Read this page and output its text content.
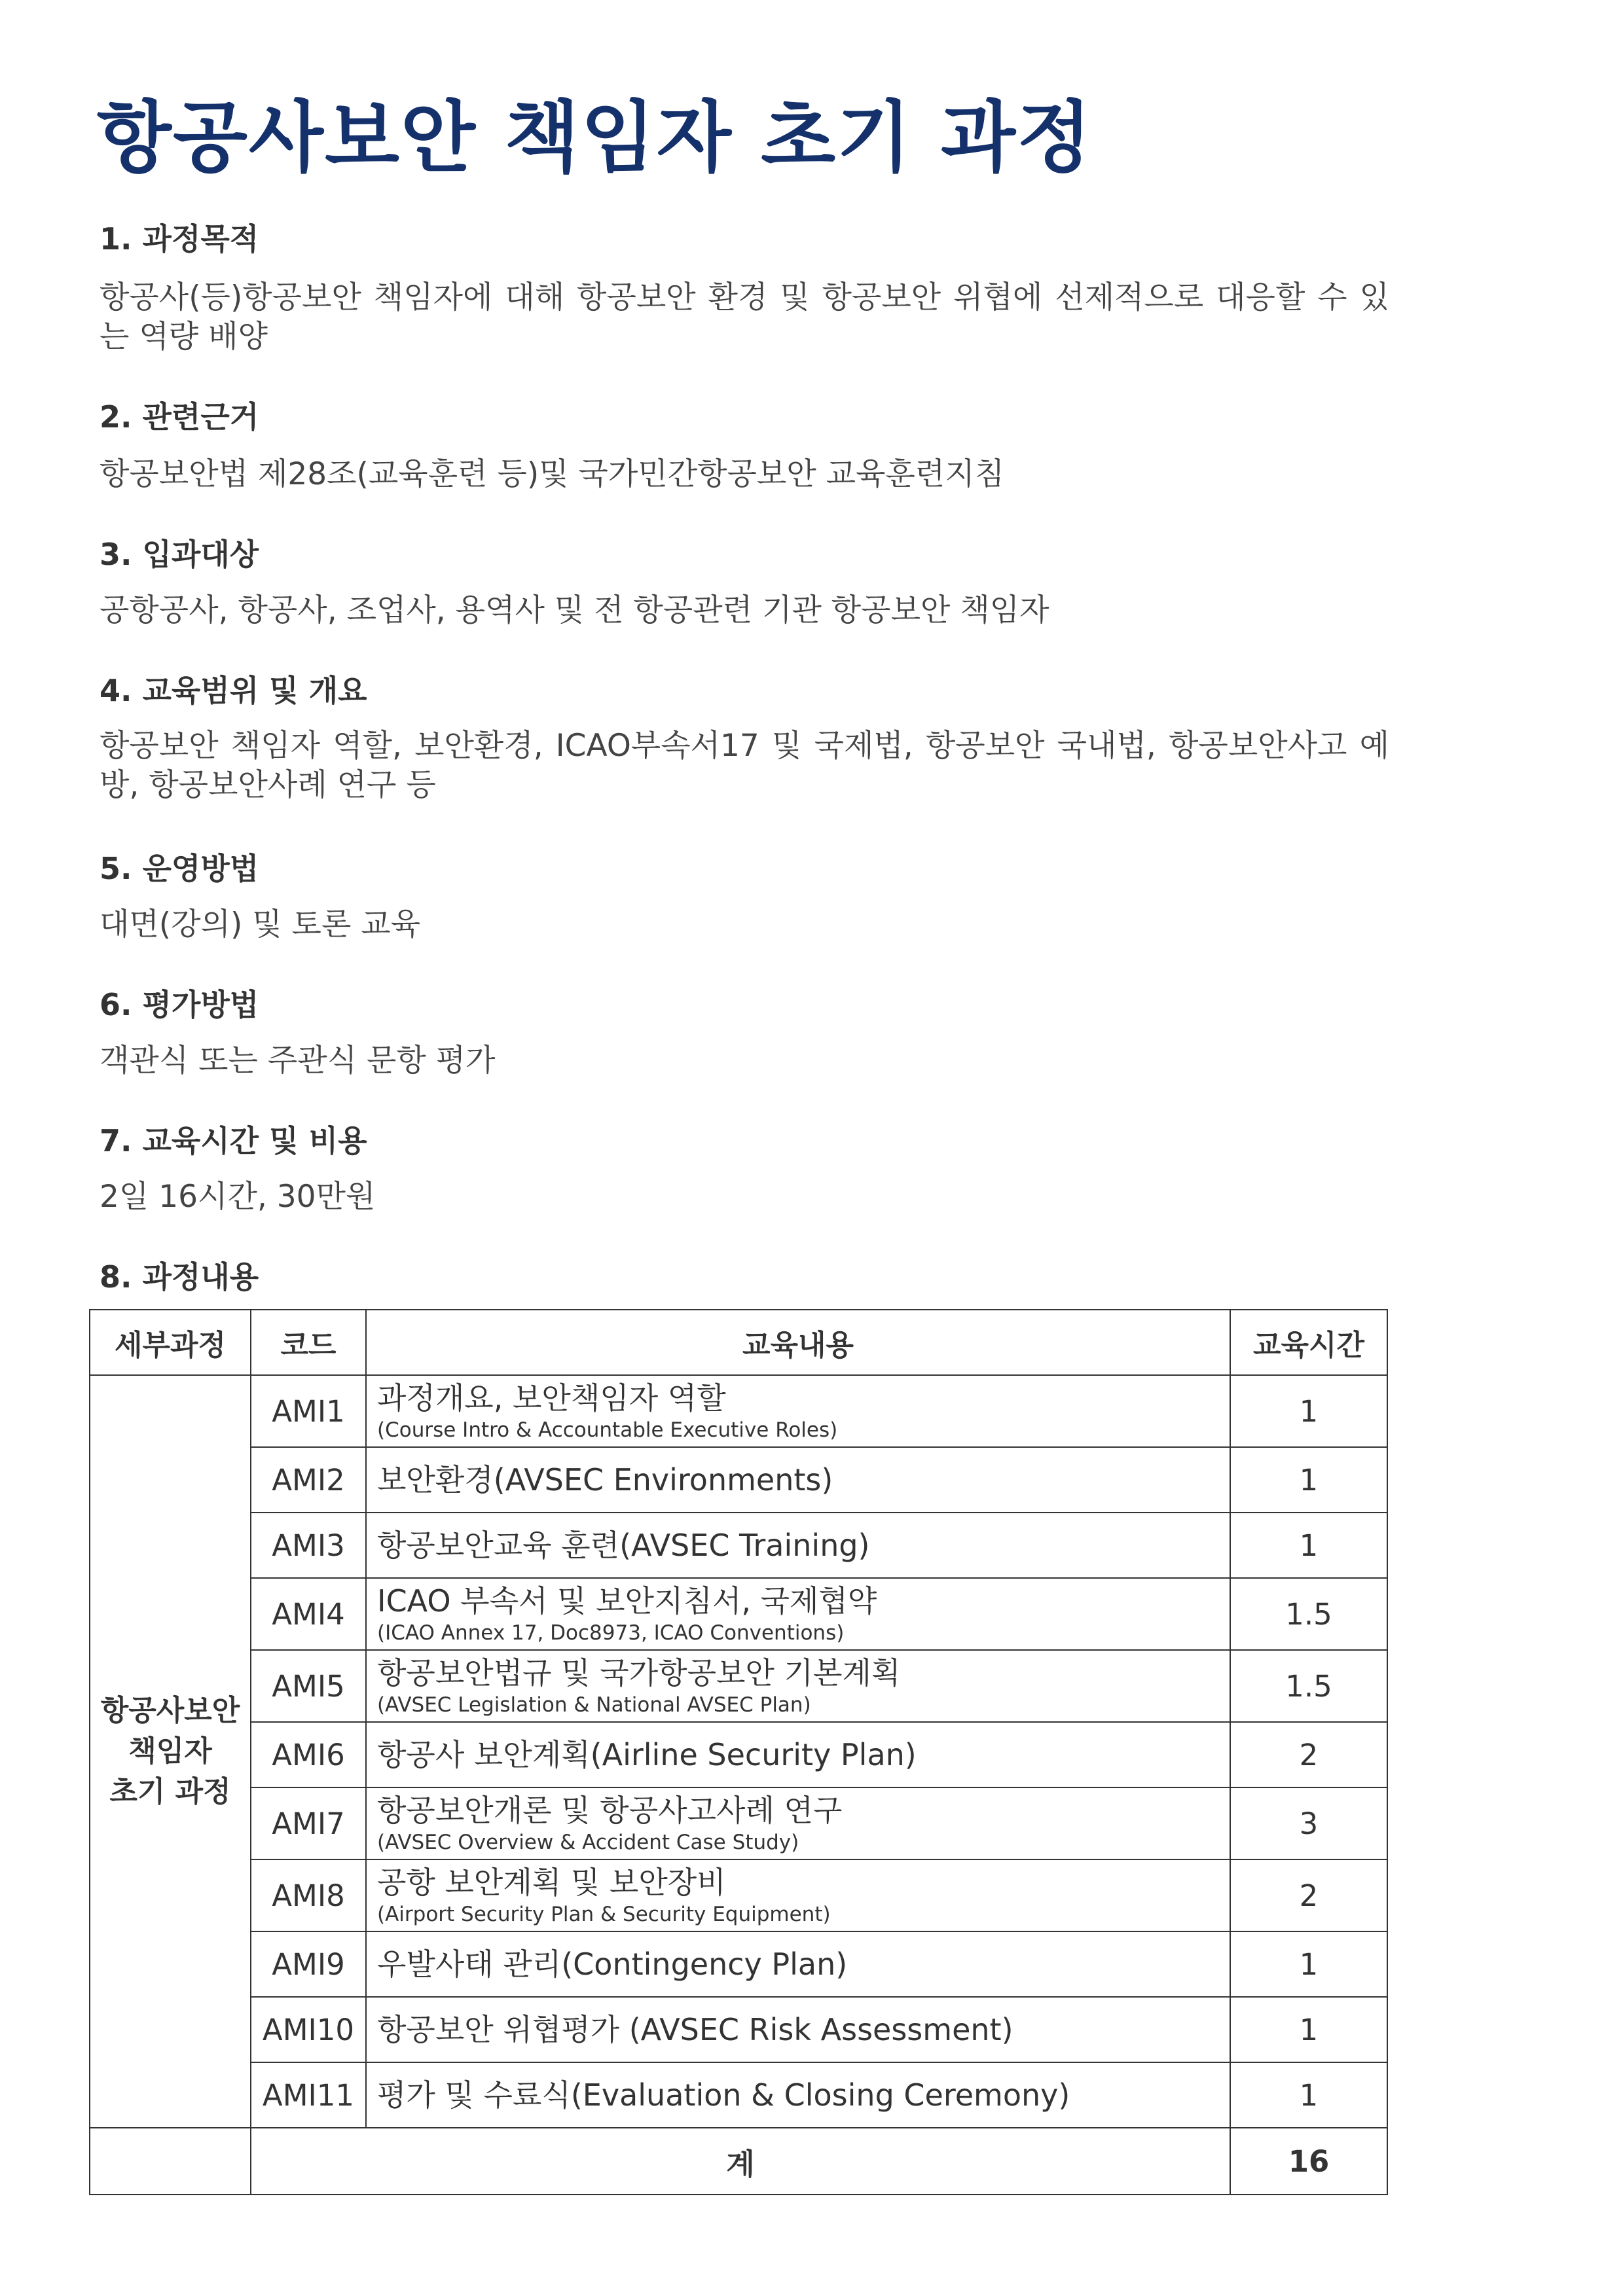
항공사보안 책임자 초기 과정
1. 과정목적

항공사(등)항공보안 책임자에 대해 항공보안 환경 및 항공보안 위협에 선제적으로 대응할 수 있는 역량 배양

2. 관련근거

항공보안법 제28조(교육훈련 등)및 국가민간항공보안 교육훈련지침

3. 입과대상

공항공사, 항공사, 조업사, 용역사 및 전 항공관련 기관 항공보안 책임자

4. 교육범위 및 개요

항공보안 책임자 역할, 보안환경, ICAO부속서17 및 국제법, 항공보안 국내법, 항공보안사고 예방, 항공보안사례 연구 등

5. 운영방법

대면(강의) 및 토론 교육

6. 평가방법

객관식 또는 주관식 문항 평가

7. 교육시간 및 비용

2일 16시간, 30만원

8. 과정내용
세부과정	코드	교육내용	교육시간
항공사보안
책임자
초기 과정	AMI1	과정개요, 보안책임자 역할
(Course Intro & Accountable Executive Roles)	1
	AMI2	보안환경(AVSEC Environments)	1
	AMI3	항공보안교육 훈련(AVSEC Training)	1
	AMI4	ICAO 부속서 및 보안지침서, 국제협약
(ICAO Annex 17, Doc8973, ICAO Conventions)	1.5
	AMI5	항공보안법규 및 국가항공보안 기본계획
(AVSEC Legislation & National AVSEC Plan)	1.5
	AMI6	항공사 보안계획(Airline Security Plan)	2
	AMI7	항공보안개론 및 항공사고사례 연구
(AVSEC Overview & Accident Case Study)	3
	AMI8	공항 보안계획 및 보안장비
(Airport Security Plan & Security Equipment)	2
	AMI9	우발사태 관리(Contingency Plan)	1
	AMI10	항공보안 위협평가 (AVSEC Risk Assessment)	1
	AMI11	평가 및 수료식(Evaluation & Closing Ceremony)	1
	계		16
